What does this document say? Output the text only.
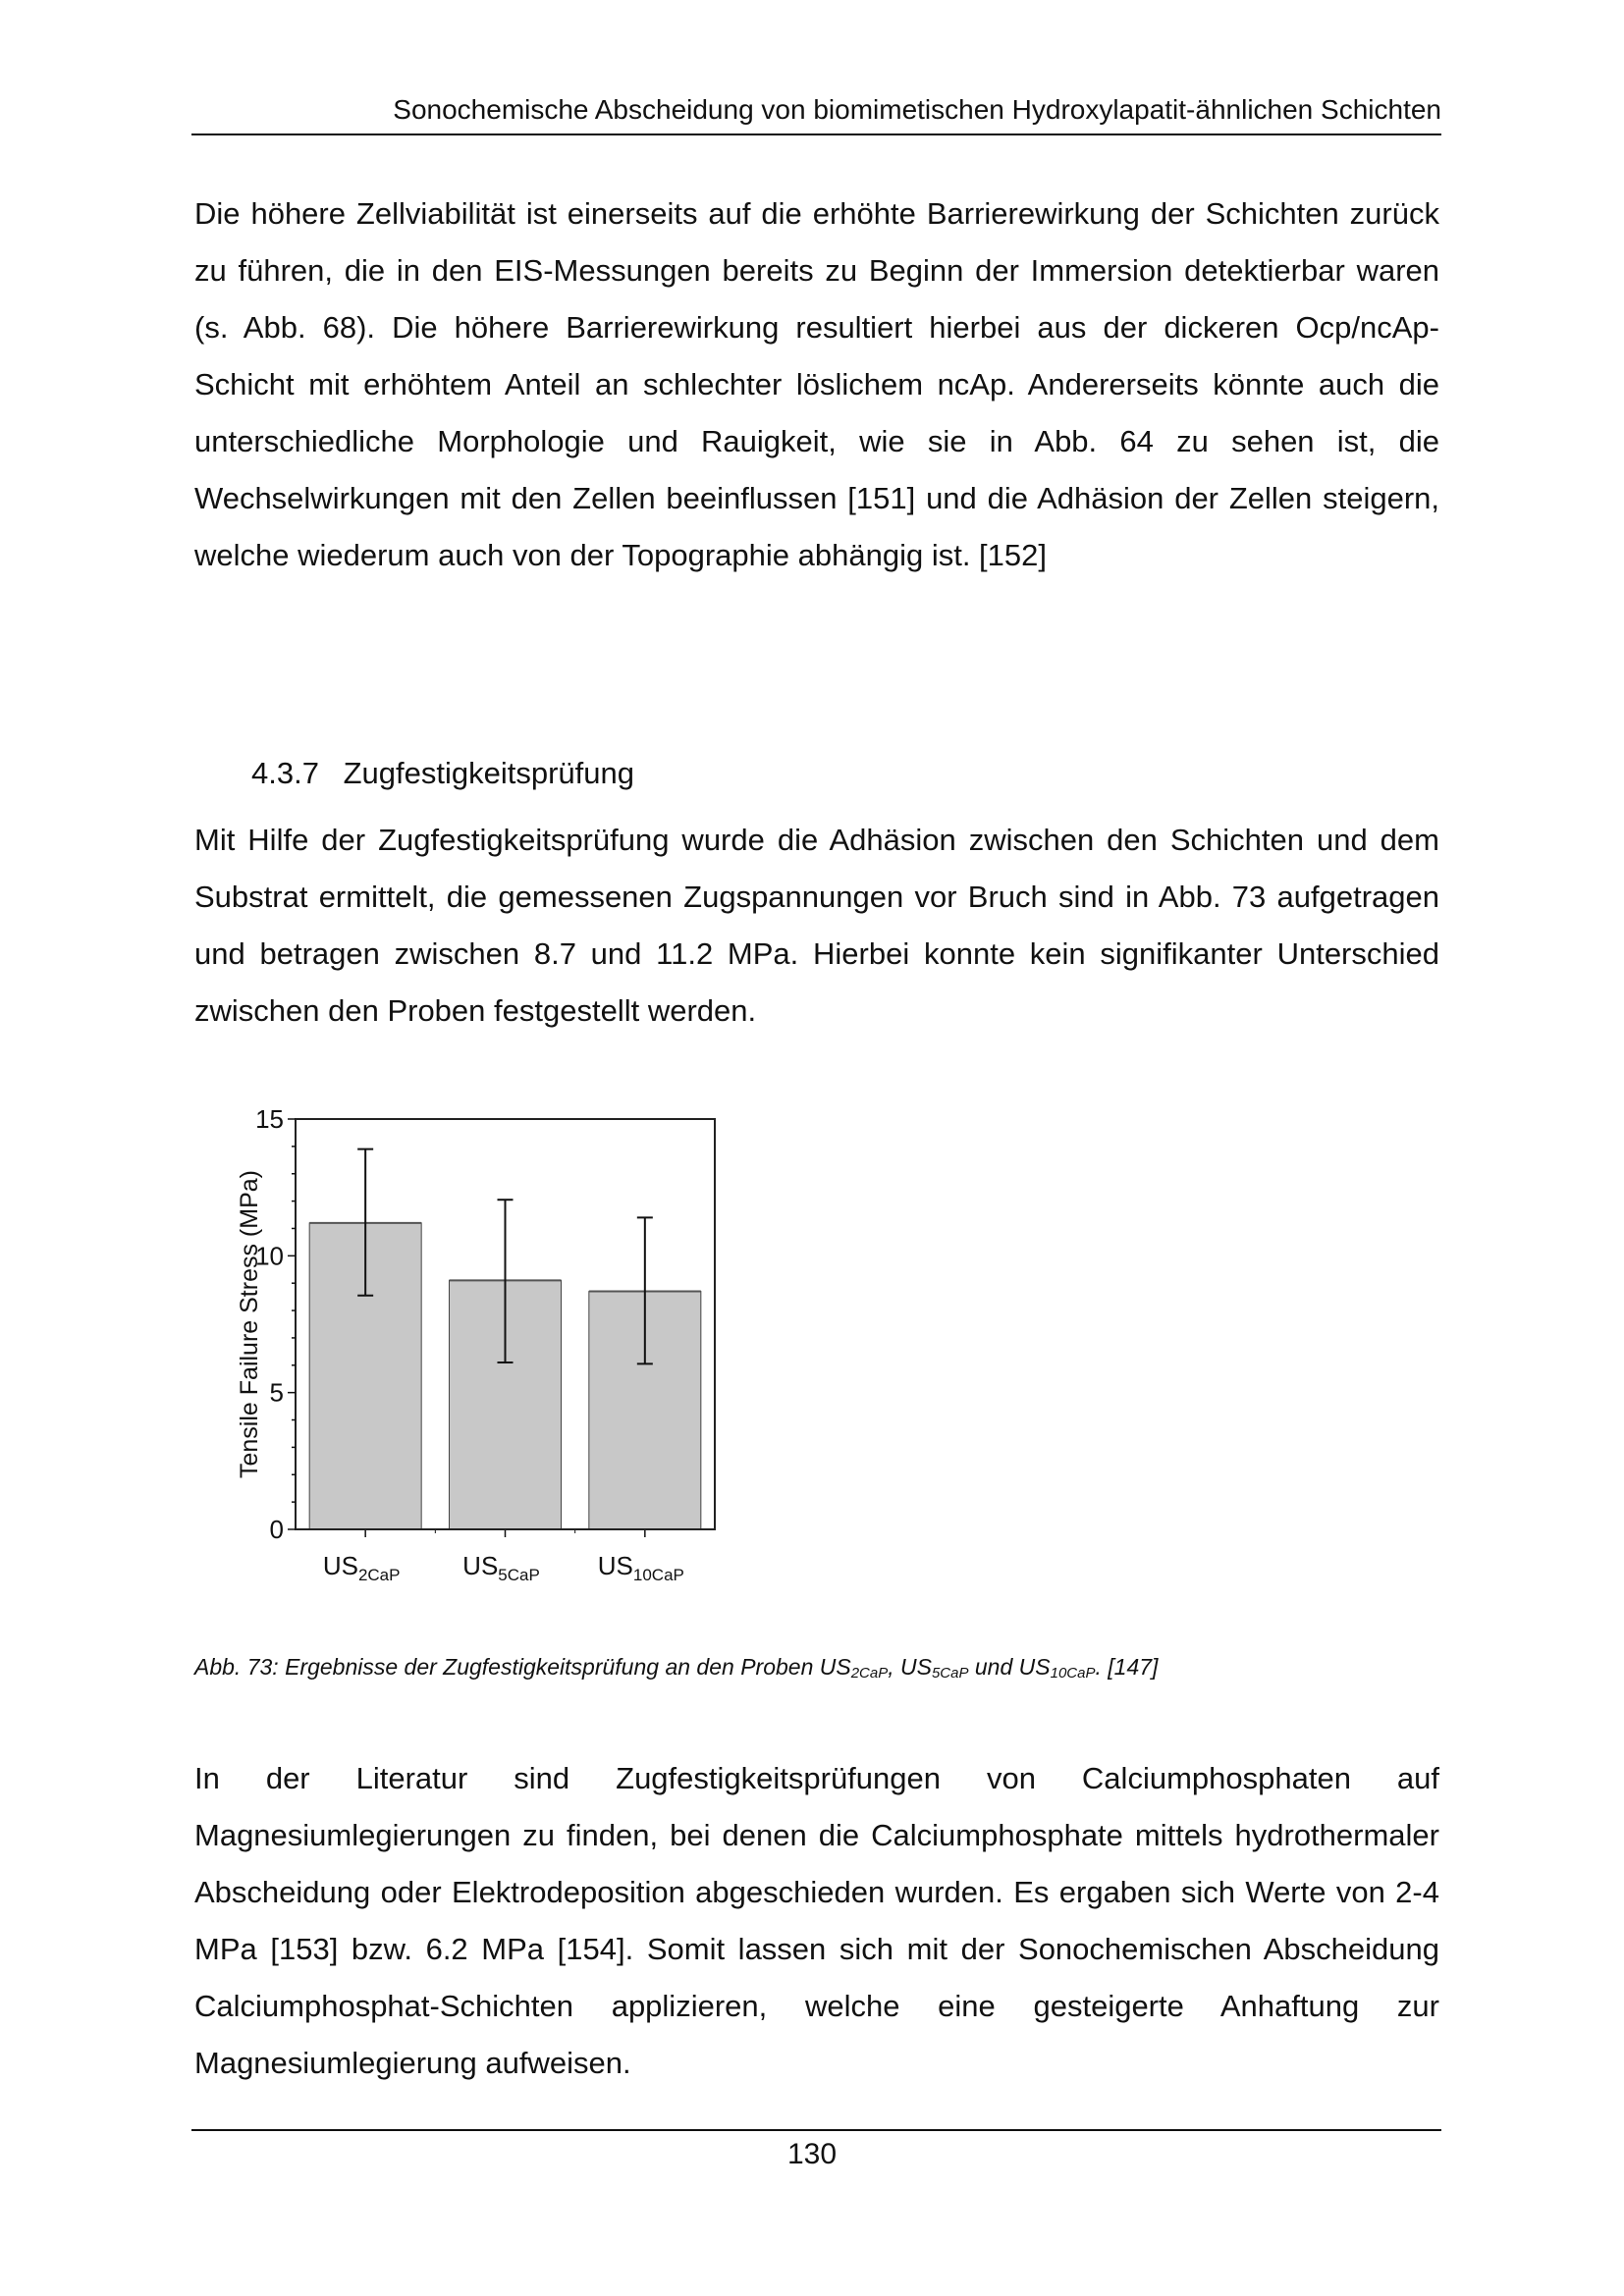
Sonochemische Abscheidung von biomimetischen Hydroxylapatit-ähnlichen Schichten

Die höhere Zellviabilität ist einerseits auf die erhöhte Barrierewirkung der Schichten zurück zu führen, die in den EIS-Messungen bereits zu Beginn der Immersion detektierbar waren (s. Abb. 68). Die höhere Barrierewirkung resultiert hierbei aus der dickeren Ocp/ncAp-Schicht mit erhöhtem Anteil an schlechter löslichem ncAp. Andererseits könnte auch die unterschiedliche Morphologie und Rauigkeit, wie sie in Abb. 64 zu sehen ist, die Wechselwirkungen mit den Zellen beeinflussen [151] und die Adhäsion der Zellen steigern, welche wiederum auch von der Topographie abhängig ist. [152]

4.3.7 Zugfestigkeitsprüfung

Mit Hilfe der Zugfestigkeitsprüfung wurde die Adhäsion zwischen den Schichten und dem Substrat ermittelt, die gemessenen Zugspannungen vor Bruch sind in Abb. 73 aufgetragen und betragen zwischen 8.7 und 11.2 MPa. Hierbei konnte kein signifikanter Unterschied zwischen den Proben festgestellt werden.

$US_{2CaP}$ $US_{5CaP}$ $US_{10CaP}$
0
5
10
15
Tensile Failure Stress (MPa)
Abb. 73: Ergebnisse der Zugfestigkeitsprüfung an den Proben $US_{2CaP}$, $US_{5CaP}$ und $US_{10CaP}$. [147]

In der Literatur sind Zugfestigkeitsprüfungen von Calciumphosphaten auf Magnesiumlegierungen zu finden, bei denen die Calciumphosphate mittels hydrothermaler Abscheidung oder Elektrodeposition abgeschieden wurden. Es ergaben sich Werte von 2-4 MPa [153] bzw. 6.2 MPa [154]. Somit lassen sich mit der Sonochemischen Abscheidung Calciumphosphat-Schichten applizieren, welche eine gesteigerte Anhaftung zur Magnesiumlegierung aufweisen.

130
